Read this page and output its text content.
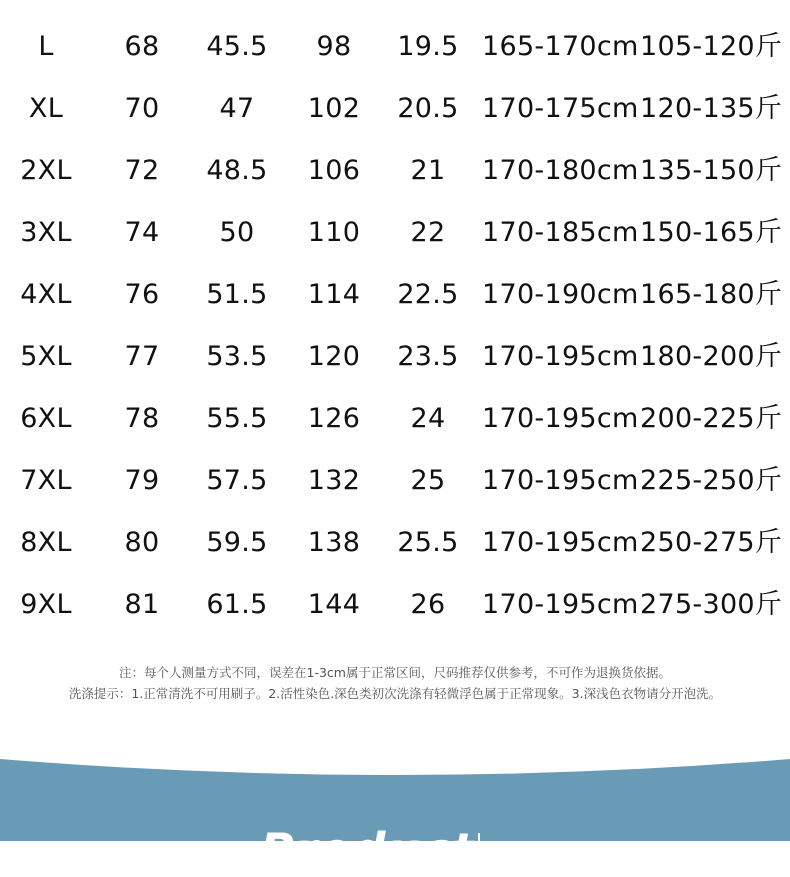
L	68	45.5	98	19.5 165-170cm 105-120斤
XL	70	47	102	20.5 170-175cm 120-135斤
2XL	72	48.5	106	21	170-180cm 135-150斤
3XL	74	50	110	22	170-185cm 150-165斤
4XL	76	51.5	114	22.5 170-190cm 165-180斤
5XL	77	53.5	120	23.5 170-195cm 180-200斤
6XL	78	55.5	126	24	170-195cm 200-225斤
7XL	79	57.5	132	25	170-195cm 225-250斤
8XL	80	59.5	138	25.5 170-195cm 250-275斤
9XL	81	61.5	144	26	170-195cm 275-300斤
注：每个人测量方式不同，误差在1-3cm属于正常区间，尺码推荐仅供参考，不可作为退换货依据。
洗涤提示：1.正常清洗不可用刷子。2.活性染色.深色类初次洗涤有轻微浮色属于正常现象。3.深浅色衣物请分开泡洗。
Product ...
